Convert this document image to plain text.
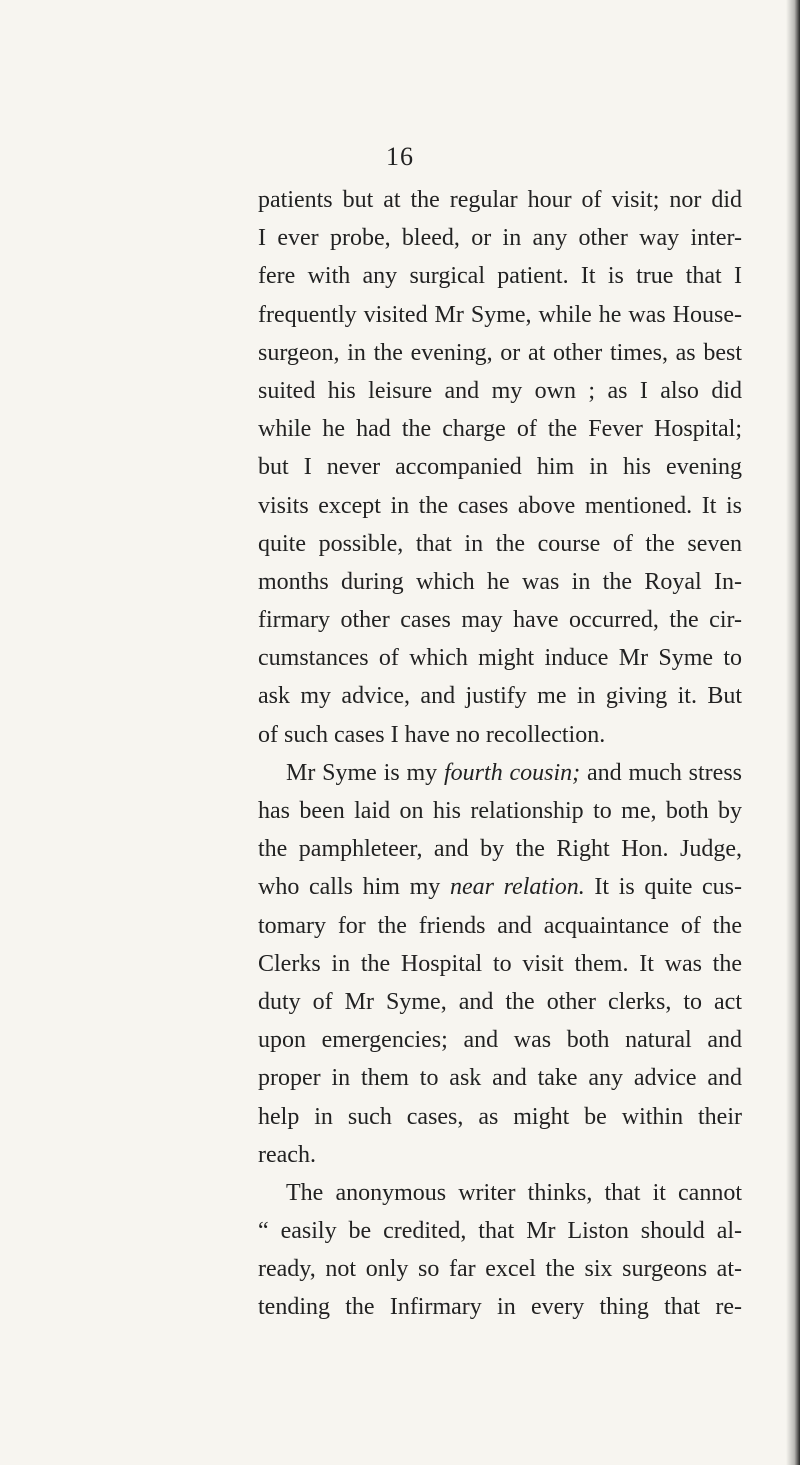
16
patients but at the regular hour of visit; nor did
I ever probe, bleed, or in any other way inter-
fere with any surgical patient. It is true that I
frequently visited Mr Syme, while he was House-
surgeon, in the evening, or at other times, as best
suited his leisure and my own ; as I also did
while he had the charge of the Fever Hospital;
but I never accompanied him in his evening
visits except in the cases above mentioned. It is
quite possible, that in the course of the seven
months during which he was in the Royal In-
firmary other cases may have occurred, the cir-
cumstances of which might induce Mr Syme to
ask my advice, and justify me in giving it. But
of such cases I have no recollection.
Mr Syme is my fourth cousin; and much stress
has been laid on his relationship to me, both by
the pamphleteer, and by the Right Hon. Judge,
who calls him my near relation. It is quite cus-
tomary for the friends and acquaintance of the
Clerks in the Hospital to visit them. It was the
duty of Mr Syme, and the other clerks, to act
upon emergencies; and was both natural and
proper in them to ask and take any advice and
help in such cases, as might be within their
reach.
The anonymous writer thinks, that it cannot
“ easily be credited, that Mr Liston should al-
ready, not only so far excel the six surgeons at-
tending the Infirmary in every thing that re-
